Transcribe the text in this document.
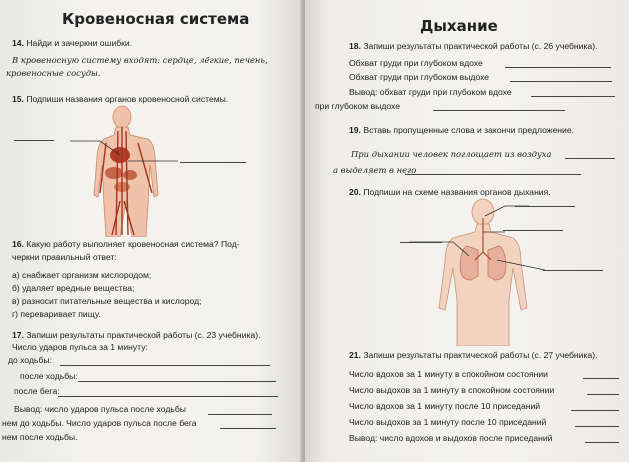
Кровеносная система
14. Найди и зачеркни ошибки.
В кровеносную систему входят: сердце, лёгкие, печень,
кровеносные сосуды.
15. Подпиши названия органов кровеносной системы.
16. Какую работу выполняет кровеносная система? Под-
черкни правильный ответ:
а) снабжает организм кислородом;
б) удаляет вредные вещества;
в) разносит питательные вещества и кислород;
г) переваривает пищу.
17. Запиши результаты практической работы (с. 23 учебника).
Число ударов пульса за 1 минуту:
до ходьбы:
после ходьбы:
после бега:
Вывод: число ударов пульса после ходьбы
нем до ходьбы. Число ударов пульса после бега
нем после ходьбы.
Дыхание
18. Запиши результаты практической работы (с. 26 учебника).
Обхват груди при глубоком вдохе
Обхват груди при глубоком выдохе
Вывод: обхват груди при глубоком вдохе
при глубоком выдохе
19. Вставь пропущенные слова и закончи предложение.
При дыхании человек поглощает из воздуха
а выделяет в него
20. Подпиши на схеме названия органов дыхания.
21. Запиши результаты практической работы (с. 27 учебника).
Число вдохов за 1 минуту в спокойном состоянии
Число выдохов за 1 минуту в спокойном состоянии
Число вдохов за 1 минуту после 10 приседаний
Число выдохов за 1 минуту после 10 приседаний
Вывод: число вдохов и выдохов после приседаний
